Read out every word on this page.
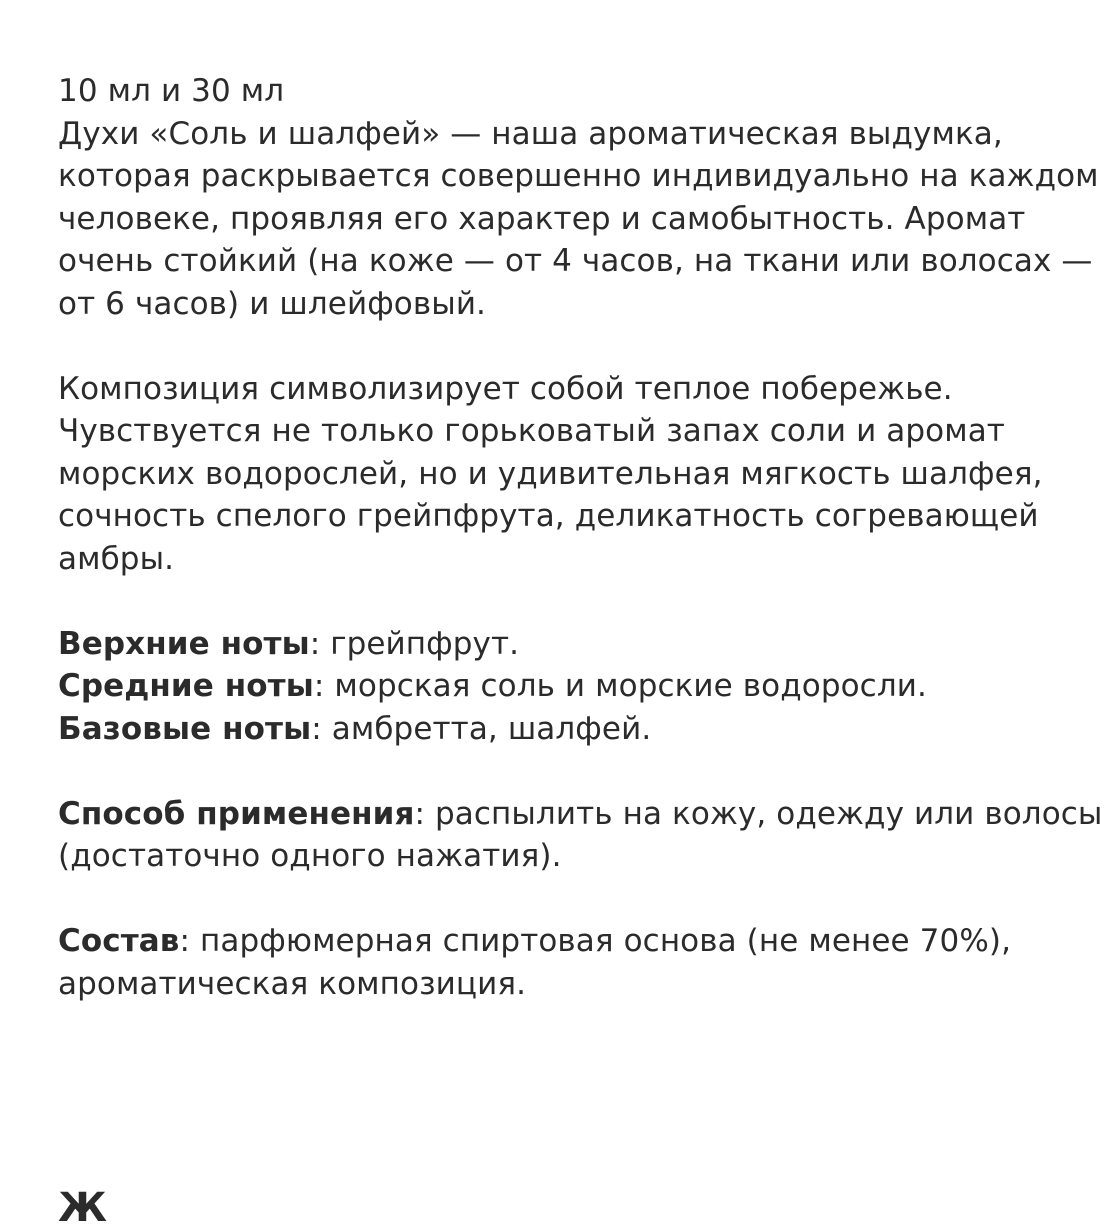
10 мл и 30 мл

Духи «Соль и шалфей» — наша ароматическая выдумка,

которая раскрывается совершенно индивидуально на каждом

человеке, проявляя его характер и самобытность. Аромат

очень стойкий (на коже — от 4 часов, на ткани или волосах —

от 6 часов) и шлейфовый.

Композиция символизирует собой теплое побережье.

Чувствуется не только горьковатый запах соли и аромат

морских водорослей, но и удивительная мягкость шалфея,

сочность спелого грейпфрута, деликатность согревающей

амбры.

Верхние ноты: грейпфрут.

Средние ноты: морская соль и морские водоросли.

Базовые ноты: амбретта, шалфей.

Способ применения: распылить на кожу, одежду или волосы

(достаточно одного нажатия).

Состав: парфюмерная спиртовая основа (не менее 70%),

ароматическая композиция.

Ж
